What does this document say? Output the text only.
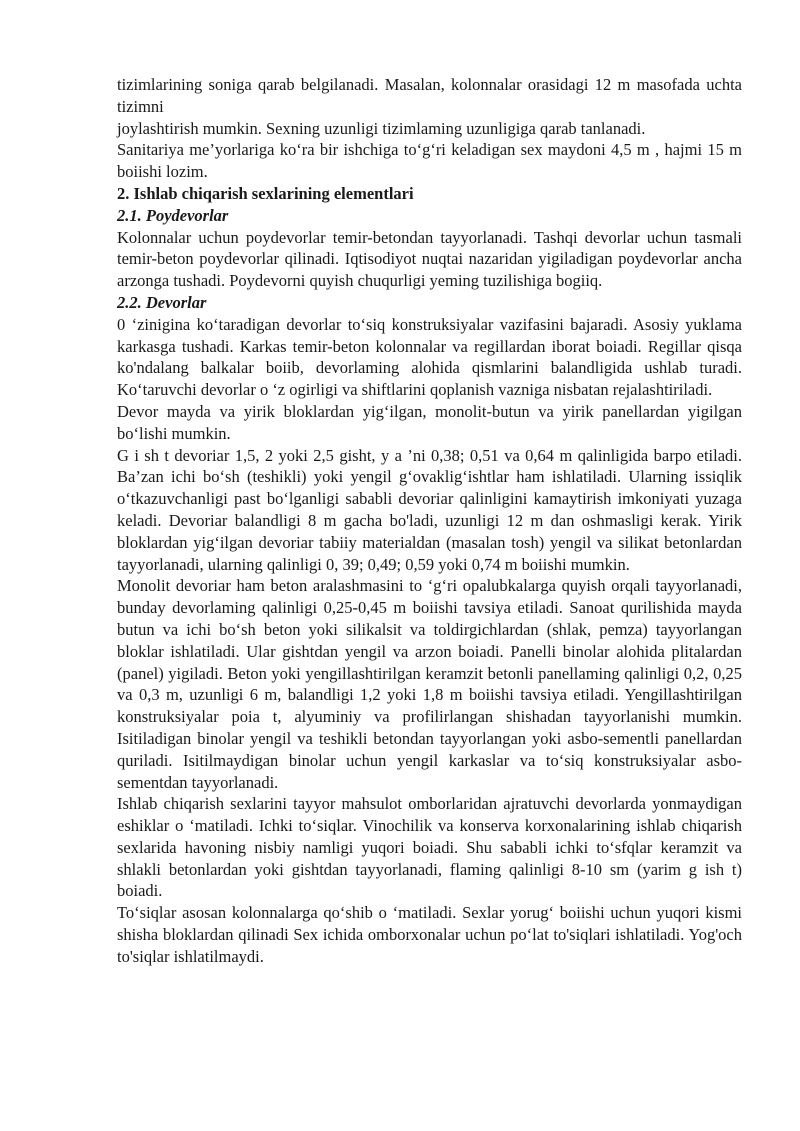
tizimlarining soniga qarab belgilanadi. Masalan, kolonnalar orasidagi 12 m masofada uchta tizimni

joylashtirish mumkin. Sexning uzunligi tizimlaming uzunligiga qarab tanlanadi.

Sanitariya me’yorlariga ko‘ra bir ishchiga to‘g‘ri keladigan sex maydoni 4,5 m , hajmi 15 m boiishi lozim.

2. Ishlab chiqarish sexlarining elementlari
2.1. Poydevorlar

Kolonnalar uchun poydevorlar temir-betondan tayyorlanadi. Tashqi devorlar uchun tasmali temir-beton poydevorlar qilinadi. Iqtisodiyot nuqtai nazaridan yigiladigan poydevorlar ancha arzonga tushadi. Poydevorni quyish chuqurligi yeming tuzilishiga bogiiq.

2.2. Devorlar

0 ‘zinigina ko‘taradigan devorlar to‘siq konstruksiyalar vazifasini bajaradi. Asosiy yuklama karkasga tushadi. Karkas temir-beton kolonnalar va regillardan iborat boiadi. Regillar qisqa ko'ndalang balkalar boiib, devorlaming alohida qismlarini balandligida ushlab turadi. Ko‘taruvchi devorlar o ‘z ogirligi va shiftlarini qoplanish vazniga nisbatan rejalashtiriladi.

Devor mayda va yirik bloklardan yig‘ilgan, monolit-butun va yirik panellardan yigilgan bo‘lishi mumkin.

G i sh t devoriar 1,5, 2 yoki 2,5 gisht, y a ’ni 0,38; 0,51 va 0,64 m qalinligida barpo etiladi. Ba’zan ichi bo‘sh (teshikli) yoki yengil g‘ovaklig‘ishtlar ham ishlatiladi. Ularning issiqlik o‘tkazuvchanligi past bo‘lganligi sababli devoriar qalinligini kamaytirish imkoniyati yuzaga keladi. Devoriar balandligi 8 m gacha bo'ladi, uzunligi 12 m dan oshmasligi kerak. Yirik bloklardan yig‘ilgan devoriar tabiiy materialdan (masalan tosh) yengil va silikat betonlardan tayyorlanadi, ularning qalinligi 0, 39; 0,49; 0,59 yoki 0,74 m boiishi mumkin.

Monolit devoriar ham beton aralashmasini to ‘g‘ri opalubkalarga quyish orqali tayyorlanadi, bunday devorlaming qalinligi 0,25-0,45 m boiishi tavsiya etiladi. Sanoat qurilishida mayda butun va ichi bo‘sh beton yoki silikalsit va toldirgichlardan (shlak, pemza) tayyorlangan bloklar ishlatiladi. Ular gishtdan yengil va arzon boiadi. Panelli binolar alohida plitalardan (panel) yigiladi. Beton yoki yengillashtirilgan keramzit betonli panellaming qalinligi 0,2, 0,25 va 0,3 m, uzunligi 6 m, balandligi 1,2 yoki 1,8 m boiishi tavsiya etiladi. Yengillashtirilgan konstruksiyalar poia t, alyuminiy va profilirlangan shishadan tayyorlanishi mumkin. Isitiladigan binolar yengil va teshikli betondan tayyorlangan yoki asbo-sementli panellardan quriladi. Isitilmaydigan binolar uchun yengil karkaslar va to‘siq konstruksiyalar asbo-sementdan tayyorlanadi.

Ishlab chiqarish sexlarini tayyor mahsulot omborlaridan ajratuvchi devorlarda yonmaydigan eshiklar o ‘matiladi. Ichki to‘siqlar. Vinochilik va konserva korxonalarining ishlab chiqarish sexlarida havoning nisbiy namligi yuqori boiadi. Shu sababli ichki to‘sfqlar keramzit va shlakli betonlardan yoki gishtdan tayyorlanadi, flaming qalinligi 8-10 sm (yarim g ish t) boiadi.

To‘siqlar asosan kolonnalarga qo‘shib o ‘matiladi. Sexlar yorug‘ boiishi uchun yuqori kismi shisha bloklardan qilinadi Sex ichida omborxonalar uchun po‘lat to'siqlari ishlatiladi. Yog'och to'siqlar ishlatilmaydi.
